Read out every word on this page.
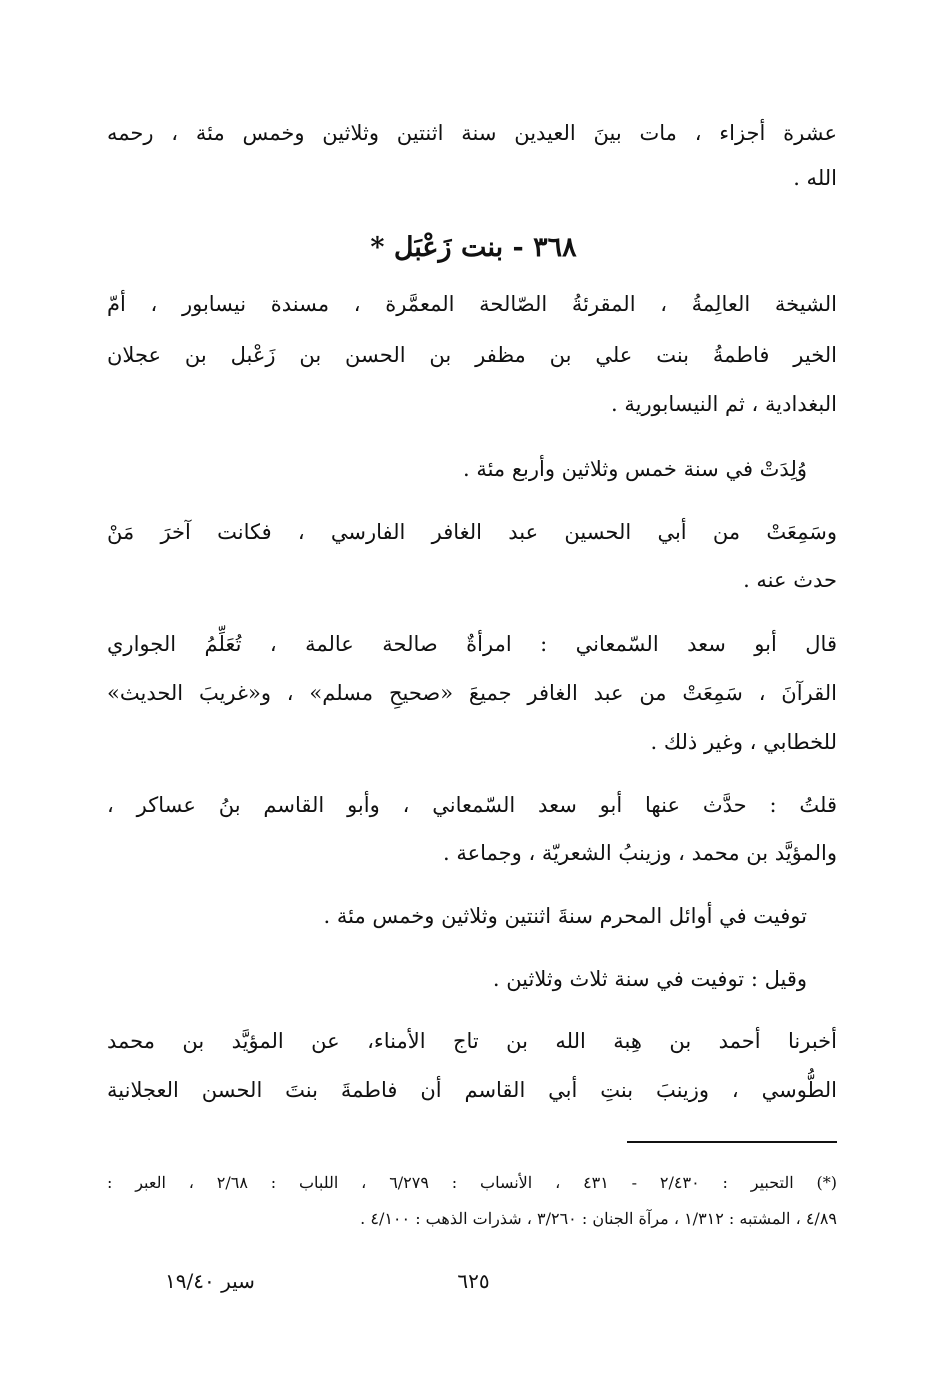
عشرة أجزاء ، مات بينَ العيدين سنة اثنتين وثلاثين وخمس مئة ، رحمه
الله .
٣٦٨ - بنت زَعْبَل *
الشيخة العالِمةُ ، المقرئةُ الصّالحة المعمَّرة ، مسندة نيسابور ، أمّ
الخير فاطمةُ بنت علي بن مظفر بن الحسن بن زَعْبل بن عجلان
البغدادية ، ثم النيسابورية .
وُلِدَتْ في سنة خمس وثلاثين وأربع مئة .
وسَمِعَتْ من أبي الحسين عبد الغافر الفارسي ، فكانت آخرَ مَنْ
حدث عنه .
قال أبو سعد السّمعاني : امرأةٌ صالحة عالمة ، تُعَلِّمُ الجواري
القرآنَ ، سَمِعَتْ من عبد الغافر جميعَ «صحيحِ مسلم» ، و«غريبَ الحديث»
للخطابي ، وغير ذلك .
قلتُ : حدَّث عنها أبو سعد السّمعاني ، وأبو القاسم بنُ عساكر ،
والمؤيَّد بن محمد ، وزينبُ الشعريّة ، وجماعة .
توفيت في أوائل المحرم سنةَ اثنتين وثلاثين وخمس مئة .
وقيل : توفيت في سنة ثلاث وثلاثين .
أخبرنا أحمد بن هِبة الله بن تاج الأمناء، عن المؤيَّد بن محمد
الطُّوسي ، وزينبَ بنتِ أبي القاسم أن فاطمةَ بنتَ الحسن العجلانية
(*) التحبير : ٢/٤٣٠ - ٤٣١ ، الأنساب : ٦/٢٧٩ ، اللباب : ٢/٦٨ ، العبر :
٤/٨٩ ، المشتبه : ١/٣١٢ ، مرآة الجنان : ٣/٢٦٠ ، شذرات الذهب : ٤/١٠٠ .
٦٢٥
سير ١٩/٤٠
